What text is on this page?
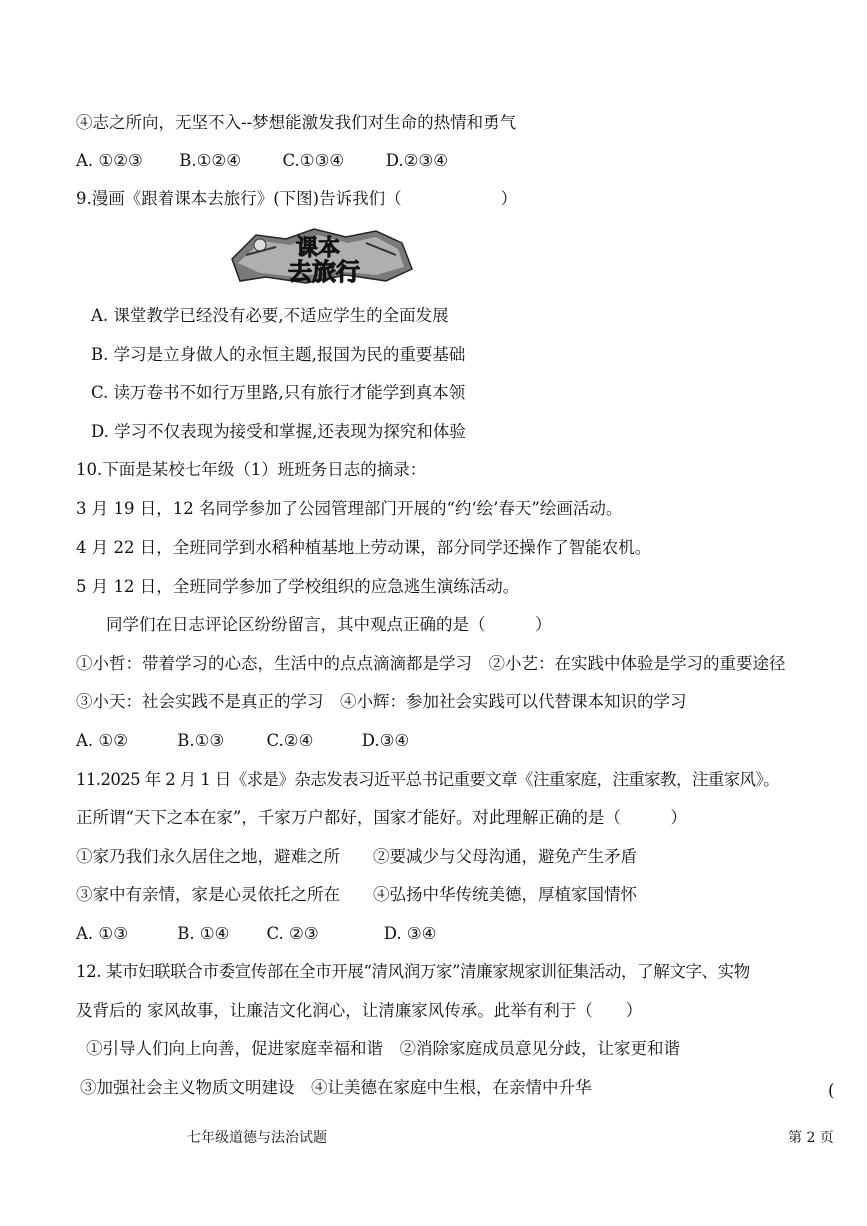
④志之所向，无坚不入--梦想能激发我们对生命的热情和勇气
A. ①②③ B.①②④	C.①③④	D.②③④
9.漫画《跟着课本去旅行》(下图)告诉我们（　　　　　　）
课本
去旅行
A. 课堂教学已经没有必要,不适应学生的全面发展
B. 学习是立身做人的永恒主题,报国为民的重要基础
C. 读万卷书不如行万里路,只有旅行才能学到真本领
D. 学习不仅表现为接受和掌握,还表现为探究和体验
10.下面是某校七年级（1）班班务日志的摘录：
3 月 19 日，12 名同学参加了公园管理部门开展的“约‘绘’春天”绘画活动。
4 月 22 日，全班同学到水稻种植基地上劳动课，部分同学还操作了智能农机。
5 月 12 日，全班同学参加了学校组织的应急逃生演练活动。
同学们在日志评论区纷纷留言，其中观点正确的是（　　　）
①小哲：带着学习的心态，生活中的点点滴滴都是学习　②小艺：在实践中体验是学习的重要途径
③小天：社会实践不是真正的学习　④小辉：参加社会实践可以代替课本知识的学习
A. ①②	B.①③	C.②④	D.③④
11.2025 年 2 月 1 日《求是》杂志发表习近平总书记重要文章《注重家庭，注重家教，注重家风》。
正所谓“天下之本在家”，千家万户都好，国家才能好。对此理解正确的是（　　　）
①家乃我们永久居住之地，避难之所　　②要减少与父母沟通，避免产生矛盾
③家中有亲情，家是心灵依托之所在　　④弘扬中华传统美德，厚植家国情怀
A. ①③	B. ①④ C. ②③	D. ③④
12. 某市妇联联合市委宣传部在全市开展“清风润万家”清廉家规家训征集活动，了解文字、实物
及背后的 家风故事，让廉洁文化润心，让清廉家风传承。此举有利于（　　）
①引导人们向上向善，促进家庭幸福和谐　②消除家庭成员意见分歧，让家更和谐
③加强社会主义物质文明建设　④让美德在家庭中生根，在亲情中升华	(
七年级道德与法治试题	第 2 页
